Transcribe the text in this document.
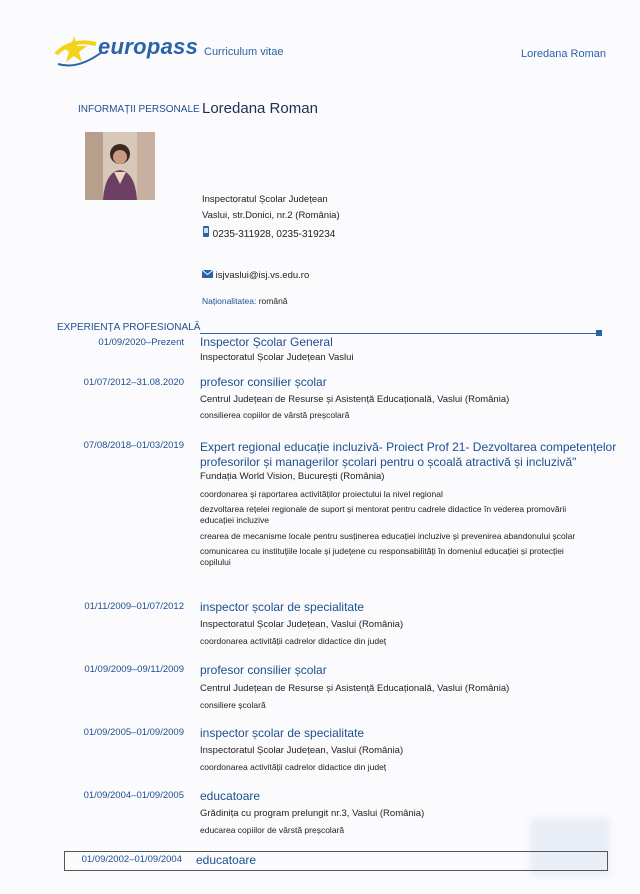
europass Curriculum vitae	Loredana Roman
INFORMAȚII PERSONALE Loredana Roman
Inspectoratul Școlar Județean
Vaslui, str.Donici, nr.2 (România)
0235-311928, 0235-319234
isjvaslui@isj.vs.edu.ro
Naționalitatea: română
EXPERIENȚA PROFESIONALĂ
01/09/2020–Prezent Inspector Școlar General
Inspectoratul Școlar Județean Vaslui
01/07/2012–31.08.2020 profesor consilier școlar
Centrul Județean de Resurse și Asistență Educațională, Vaslui (România)
consilierea copiilor de vârstă preșcolară
07/08/2018–01/03/2019 Expert regional educație incluzivă- Proiect Prof 21- Dezvoltarea competențelor
profesorilor și managerilor școlari pentru o școală atractivă și incluzivă"
Fundația World Vision, București (România)
coordonarea și raportarea activităților proiectului la nivel regional
dezvoltarea rețelei regionale de suport și mentorat pentru cadrele didactice în vederea promovării
educației incluzive
crearea de mecanisme locale pentru susținerea educației incluzive și prevenirea abandonului școlar
comunicarea cu instituțiile locale și județene cu responsabilități în domeniul educației și protecției
copilului
01/11/2009–01/07/2012 inspector școlar de specialitate
Inspectoratul Școlar Județean, Vaslui (România)
coordonarea activității cadrelor didactice din județ
01/09/2009–09/11/2009 profesor consilier școlar
Centrul Județean de Resurse și Asistență Educațională, Vaslui (România)
consiliere școlară
01/09/2005–01/09/2009 inspector școlar de specialitate
Inspectoratul Școlar Județean, Vaslui (România)
coordonarea activității cadrelor didactice din județ
01/09/2004–01/09/2005 educatoare
Grădinița cu program prelungit nr.3, Vaslui (România)
educarea copiilor de vârstă preșcolară
01/09/2002–01/09/2004 educatoare
